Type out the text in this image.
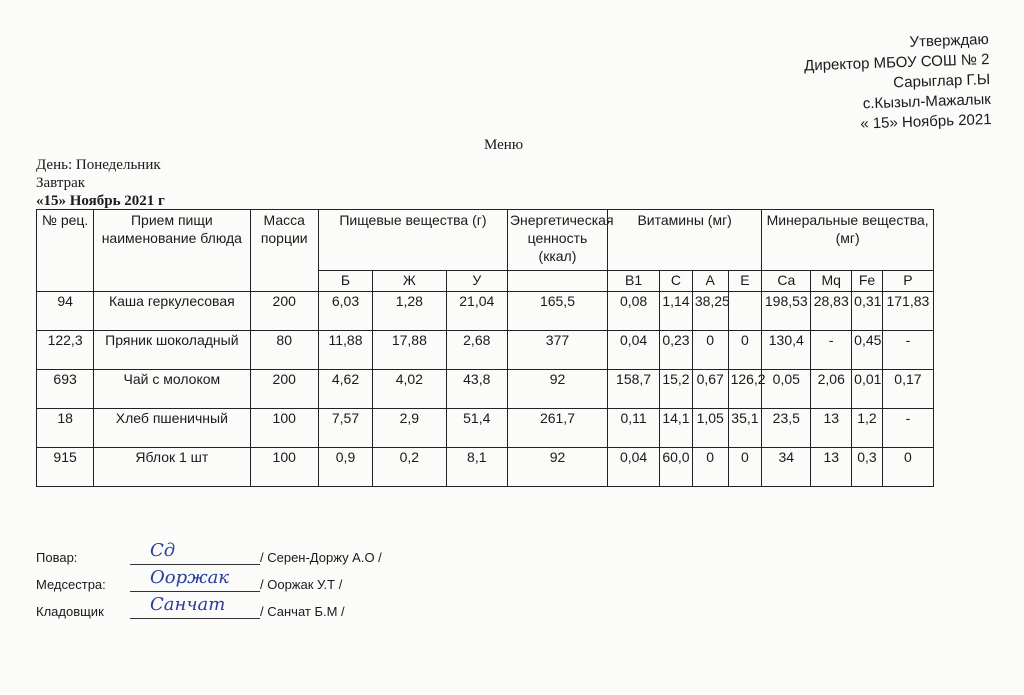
Утверждаю
Директор МБОУ СОШ № 2
Сарыглар Г.Ы
с.Кызыл-Мажалык
« 15» Ноябрь 2021
Меню
День: Понедельник
Завтрак
«15» Ноябрь 2021 г
№ рец.	Прием пищи наименование блюда	Масса порции	Пищевые вещества (г)			Энергетическая ценность (ккал)	Витамины (мг)				Минеральные вещества, (мг)			
			Б	Ж	У		В1	С	А	Е	Ca	Mq	Fe	P
94	Каша геркулесовая	200	6,03	1,28	21,04	165,5	0,08	1,14	38,25		198,53	28,83	0,31	171,83
122,3	Пряник шоколадный	80	11,88	17,88	2,68	377	0,04	0,23	0	0	130,4	-	0,45	-
693	Чай с молоком	200	4,62	4,02	43,8	92	158,7	15,2	0,67	126,2	0,05	2,06	0,01	0,17
18	Хлеб пшеничный	100	7,57	2,9	51,4	261,7	0,11	14,1	1,05	35,1	23,5	13	1,2	-
915	Яблок 1 шт	100	0,9	0,2	8,1	92	0,04	60,0	0	0	34	13	0,3	0
Повар:	Сд	/ Серен-Доржу А.О /
Медсестра: Ооржак / Ооржак У.Т /
Кладовщик	Санчат	/ Санчат Б.М /
